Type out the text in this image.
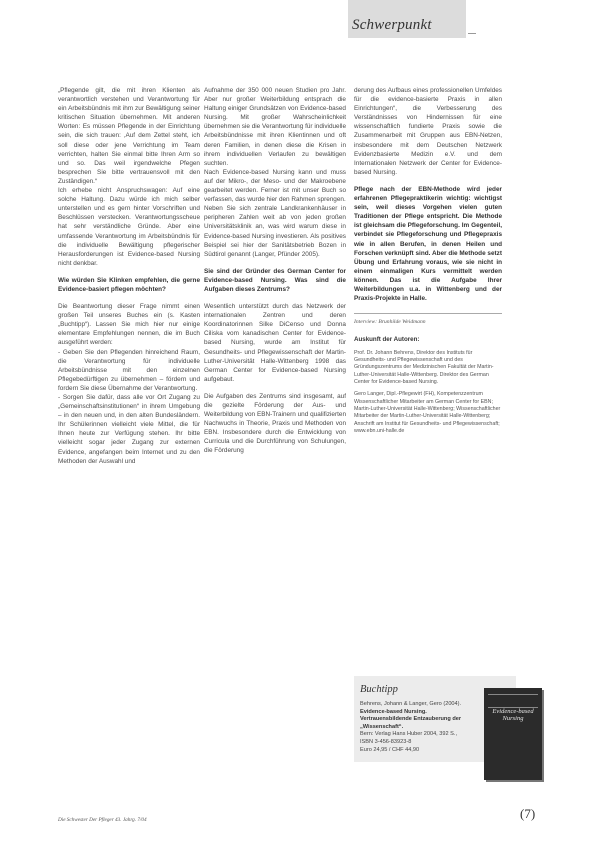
Schwerpunkt

„Pflegende gilt, die mit ihren Klienten als verantwortlich verstehen und Verantwortung für ein Arbeitsbündnis mit ihm zur Bewältigung seiner kritischen Situation übernehmen. Mit anderen Worten: Es müssen Pflegende in der Einrichtung sein, die sich trauen: ‚Auf dem Zettel steht, ich soll diese oder jene Verrichtung im Team verrichten, halten Sie einmal bitte Ihren Arm so und so. Das weil irgendwelche Pfegen besprechen Sie bitte vertrauensvoll mit den Zuständigen.“

Ich erhebe nicht Anspruchswagen: Auf eine solche Haltung. Dazu würde ich mich selber unterstellen und es gern hinter Vorschriften und Beschlüssen verstecken. Verantwortungsscheue hat sehr verständliche Gründe. Aber eine umfassende Verantwortung im Arbeitsbündnis für die individuelle Bewältigung pflegerischer Herausforderungen ist Evidence-based Nursing nicht denkbar.

Wie würden Sie Klinken empfehlen, die gerne Evidence-basiert pflegen möchten?

Die Beantwortung dieser Frage nimmt einen großen Teil unseres Buches ein (s. Kasten „Buchtipp“). Lassen Sie mich hier nur einige elementare Empfehlungen nennen, die im Buch ausgeführt werden:

- Geben Sie den Pflegenden hinreichend Raum, die Verantwortung für individuelle Arbeitsbündnisse mit den einzelnen Pflegebedürftigen zu übernehmen – fördern und fordern Sie diese Übernahme der Verantwortung.

- Sorgen Sie dafür, dass alle vor Ort Zugang zu „Gemeinschaftsinstitutionen“ in ihrem Umgebung – in den neuen und, in den alten Bundesländern. Ihr Schülerinnen vielleicht viele Mittel, die für Ihnen heute zur Verfügung stehen. Ihr bitte vielleicht sogar jeder Zugang zur externen Evidence, angefangen beim Internet und zu den Methoden der Auswahl und

Aufnahme der 350 000 neuen Studien pro Jahr. Aber nur großer Weiterbildung entsprach die Haltung einiger Grundsätzen von Evidence-based Nursing. Mit großer Wahrscheinlichkeit übernehmen sie die Verantwortung für individuelle Arbeitsbündnisse mit ihren Klientinnen und oft deren Familien, in denen diese die Krisen in ihrem individuellen Verlaufen zu bewältigen suchten.

Nach Evidence-based Nursing kann und muss auf der Mikro-, der Meso- und der Makroebene gearbeitet werden. Ferner ist mit unser Buch so verfassen, das wurde hier den Rahmen sprengen.

Neben Sie sich zentrale Landkrankenhäuser in peripheren Zahlen weit ab von jeden großen Universitätsklinik an, was wird warum diese in Evidence-based Nursing investieren. Als positives Beispiel sei hier der Sanitätsbetrieb Bozen in Südtirol genannt (Langer, Pfünder 2005).

Sie sind der Gründer des German Center for Evidence-based Nursing. Was sind die Aufgaben dieses Zentrums?

Wesentlich unterstützt durch das Netzwerk der internationalen Zentren und deren Koordinatorinnen Silke DiCenso und Donna Ciliska vom kanadischen Center for Evidence-based Nursing, wurde am Institut für Gesundheits- und Pflegewissenschaft der Martin-Luther-Universität Halle-Wittenberg 1998 das German Center for Evidence-based Nursing aufgebaut.

Die Aufgaben des Zentrums sind insgesamt, auf die gezielte Förderung der Aus- und Weiterbildung von EBN-Trainern und qualifizierten Nachwuchs in Theorie, Praxis und Methoden von EBN. Insbesondere durch die Entwicklung von Curricula und die Durchführung von Schulungen, die Förderung

derung des Aufbaus eines professionellen Umfeldes für die evidence-basierte Praxis in allen Einrichtungen“, die Verbesserung des Verständnisses von Hindernissen für eine wissenschaftlich fundierte Praxis sowie die Zusammenarbeit mit Gruppen aus EBN-Netzen, insbesondere mit dem Deutschen Netzwerk Evidenzbasierte Medizin e.V. und dem Internationalen Netzwerk der Center for Evidence-based Nursing.

Pflege nach der EBN-Methode wird jeder erfahrenen Pflegepraktikerin wichtig: wichtigst sein, weil dieses Vorgehen vielen guten Traditionen der Pflege entspricht. Die Methode ist gleichsam die Pflegeforschung. Im Gegenteil, verbindet sie Pflegeforschung und Pflegepraxis wie in allen Berufen, in denen Heilen und Forschen verknüpft sind. Aber die Methode setzt Übung und Erfahrung voraus, wie sie nicht in einem einmaligen Kurs vermittelt werden können. Das ist die Aufgabe Ihrer Weiterbildungen u.a. in Wittenberg und der Praxis-Projekte in Halle.

Interview: Brunhilde Weidmann

Auskunft der Autoren:

Prof. Dr. Johann Behrens, Direktor des Instituts für Gesundheits- und Pflegewissenschaft und des Gründungszentrums der Medizinischen Fakultät der Martin-Luther-Universität Halle-Wittenberg. Direktor des German Center for Evidence-based Nursing.

Gero Langer, Dipl.-Pflegewirt (FH), Kompetenzzentrum Wissenschaftlicher Mitarbeiter am German Center for EBN; Martin-Luther-Universität Halle-Wittenberg; Wissenschaftlicher Mitarbeiter der Martin-Luther-Universität Halle-Wittenberg; Anschrift am Institut für Gesundheits- und Pflegewissenschaft; www.ebn.uni-halle.de

Buchtipp
Behrens, Johann & Langer, Gero (2004). Evidence-based Nursing. Vertrauensbildende Entzauberung der „Wissenschaft“.
Bern: Verlag Hans Huber 2004, 392 S., ISBN 3-456-83923-8
Euro 24,95 / CHF 44,90
Evidence-based Nursing
Die Schwester Der Pfleger 43. Jahrg. 7/04	(7)
